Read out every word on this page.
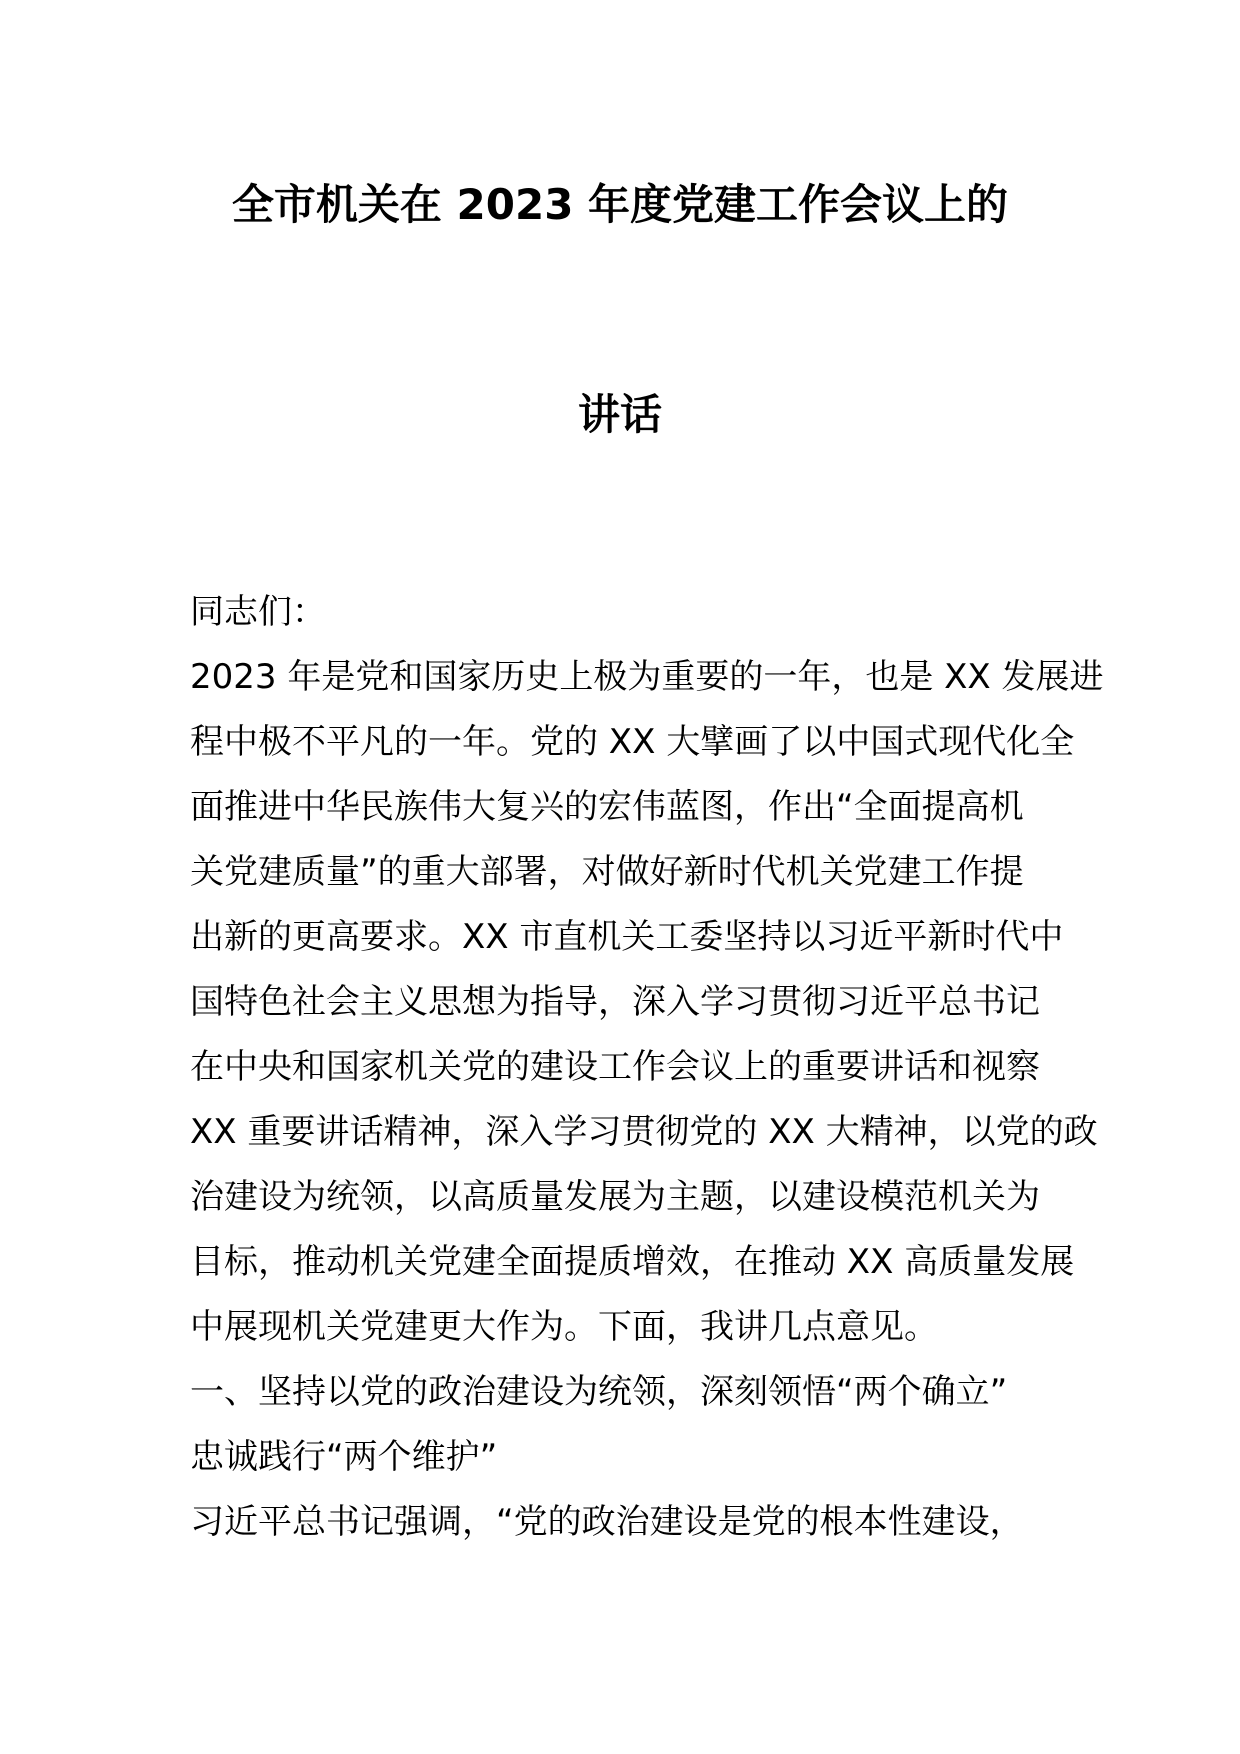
全市机关在 2023 年度党建工作会议上的
讲话
同志们：
2023 年是党和国家历史上极为重要的一年，也是 XX 发展进
程中极不平凡的一年。党的 XX 大擘画了以中国式现代化全
面推进中华民族伟大复兴的宏伟蓝图，作出“全面提高机
关党建质量”的重大部署，对做好新时代机关党建工作提
出新的更高要求。XX 市直机关工委坚持以习近平新时代中
国特色社会主义思想为指导，深入学习贯彻习近平总书记
在中央和国家机关党的建设工作会议上的重要讲话和视察
XX 重要讲话精神，深入学习贯彻党的 XX 大精神，以党的政
治建设为统领，以高质量发展为主题，以建设模范机关为
目标，推动机关党建全面提质增效，在推动 XX 高质量发展
中展现机关党建更大作为。下面，我讲几点意见。
一、坚持以党的政治建设为统领，深刻领悟“两个确立”
忠诚践行“两个维护”
习近平总书记强调，“党的政治建设是党的根本性建设，
